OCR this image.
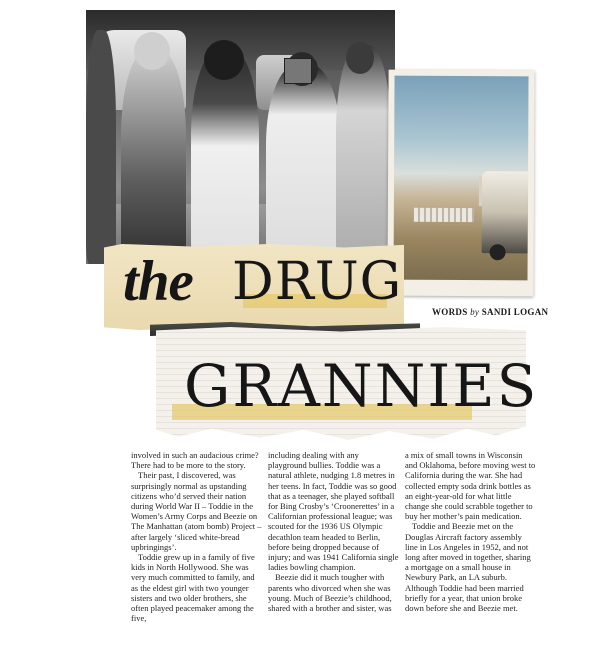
the DRUG
GRANNIES
WORDS by SANDI LOGAN

involved in such an audacious crime? There had to be more to the story.

Their past, I discovered, was surprisingly normal as upstanding citizens who’d served their nation during World War II – Toddie in the Women’s Army Corps and Beezie on The Manhattan (atom bomb) Project – after largely ‘sliced white-bread upbringings’.

Toddie grew up in a family of five kids in North Hollywood. She was very much committed to family, and as the eldest girl with two younger sisters and two older brothers, she often played peacemaker among the five,

including dealing with any playground bullies. Toddie was a natural athlete, nudging 1.8 metres in her teens. In fact, Toddie was so good that as a teenager, she played softball for Bing Crosby’s ‘Croonerettes’ in a Californian professional league; was scouted for the 1936 US Olympic decathlon team headed to Berlin, before being dropped because of injury; and was 1941 California single ladies bowling champion.

Beezie did it much tougher with parents who divorced when she was young. Much of Beezie’s childhood, shared with a brother and sister, was

a mix of small towns in Wisconsin and Oklahoma, before moving west to California during the war. She had collected empty soda drink bottles as an eight-year-old for what little change she could scrabble together to buy her mother’s pain medication.

Toddie and Beezie met on the Douglas Aircraft factory assembly line in Los Angeles in 1952, and not long after moved in together, sharing a mortgage on a small house in Newbury Park, an LA suburb. Although Toddie had been married briefly for a year, that union broke down before she and Beezie met.
